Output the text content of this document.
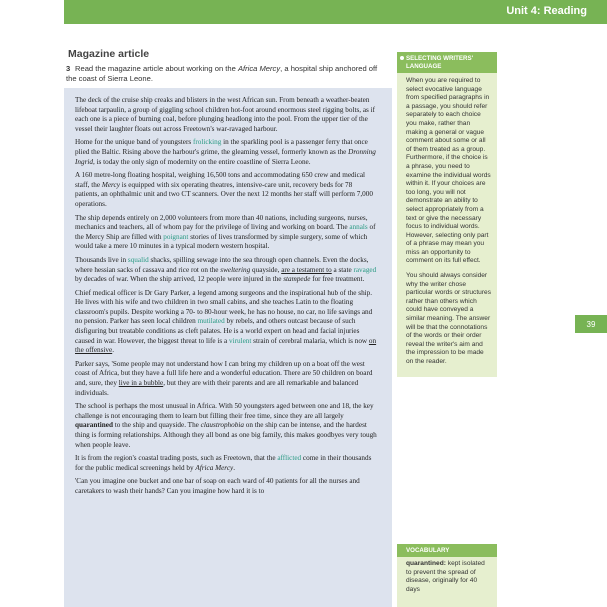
Unit 4: Reading
39
Magazine article
3 Read the magazine article about working on the Africa Mercy, a hospital ship anchored off the coast of Sierra Leone.

The deck of the cruise ship creaks and blisters in the west African sun. From beneath a weather-beaten lifeboat tarpaulin, a group of giggling school children hot-foot around enormous steel rigging bolts, as if each one is a piece of burning coal, before plunging headlong into the pool. From the upper tier of the vessel their laughter floats out across Freetown's war-ravaged harbour.

Home for the unique band of youngsters frolicking in the sparkling pool is a passenger ferry that once plied the Baltic. Rising above the harbour's grime, the gleaming vessel, formerly known as the Dronning Ingrid, is today the only sign of modernity on the entire coastline of Sierra Leone.

A 160 metre-long floating hospital, weighing 16,500 tons and accommodating 650 crew and medical staff, the Mercy is equipped with six operating theatres, intensive-care unit, recovery beds for 78 patients, an ophthalmic unit and two CT scanners. Over the next 12 months her staff will perform 7,000 operations.

The ship depends entirely on 2,000 volunteers from more than 40 nations, including surgeons, nurses, mechanics and teachers, all of whom pay for the privilege of living and working on board. The annals of the Mercy Ship are filled with poignant stories of lives transformed by simple surgery, some of which would take a mere 10 minutes in a typical modern western hospital.

Thousands live in squalid shacks, spilling sewage into the sea through open channels. Even the docks, where hessian sacks of cassava and rice rot on the sweltering quayside, are a testament to a state ravaged by decades of war. When the ship arrived, 12 people were injured in the stampede for free treatment.

Chief medical officer is Dr Gary Parker, a legend among surgeons and the inspirational hub of the ship. He lives with his wife and two children in two small cabins, and she teaches Latin to the floating classroom's pupils. Despite working a 70- to 80-hour week, he has no house, no car, no life savings and no pension. Parker has seen local children mutilated by rebels, and others outcast because of such disfiguring but treatable conditions as cleft palates. He is a world expert on head and facial injuries caused in war. However, the biggest threat to life is a virulent strain of cerebral malaria, which is now on the offensive.

Parker says, 'Some people may not understand how I can bring my children up on a boat off the west coast of Africa, but they have a full life here and a wonderful education. There are 50 children on board and, sure, they live in a bubble, but they are with their parents and are all remarkable and balanced individuals.

The school is perhaps the most unusual in Africa. With 50 youngsters aged between one and 18, the key challenge is not encouraging them to learn but filling their free time, since they are all largely quarantined to the ship and quayside. The claustrophobia on the ship can be intense, and the hardest thing is forming relationships. Although they all bond as one big family, this makes goodbyes very tough when people leave.

It is from the region's coastal trading posts, such as Freetown, that the afflicted come in their thousands for the public medical screenings held by Africa Mercy.

'Can you imagine one bucket and one bar of soap on each ward of 40 patients for all the nurses and caretakers to wash their hands? Can you imagine how hard it is to

SELECTING WRITERS'
LANGUAGE

When you are required to select evocative language from specified paragraphs in a passage, you should refer separately to each choice you make, rather than making a general or vague comment about some or all of them treated as a group. Furthermore, if the choice is a phrase, you need to examine the individual words within it. If your choices are too long, you will not demonstrate an ability to select appropriately from a text or give the necessary focus to individual words. However, selecting only part of a phrase may mean you miss an opportunity to comment on its full effect.

You should always consider why the writer chose particular words or structures rather than others which could have conveyed a similar meaning. The answer will be that the connotations of the words or their order reveal the writer's aim and the impression to be made on the reader.

VOCABULARY
quarantined: kept isolated to prevent the spread of disease, originally for 40 days
